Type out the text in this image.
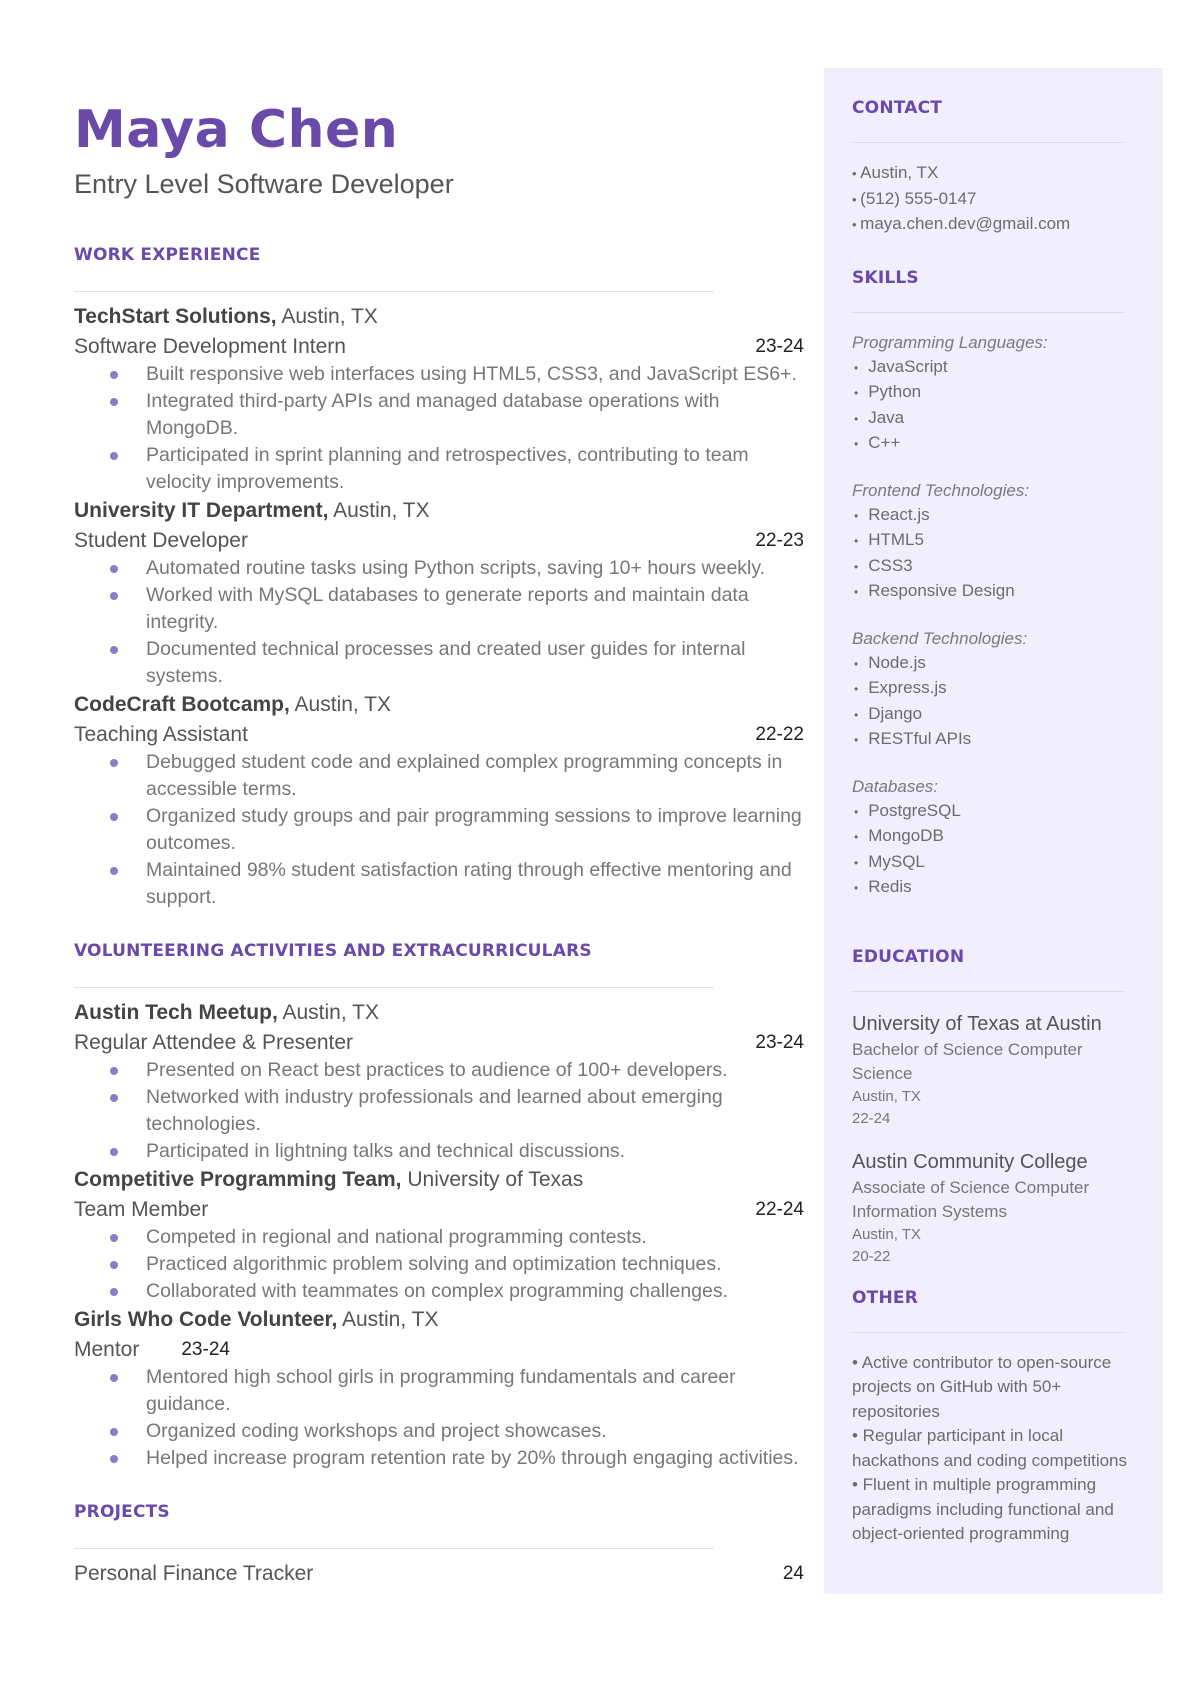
Maya Chen
Entry Level Software Developer
WORK EXPERIENCE
TechStart Solutions, Austin, TX
Software Development Intern	23-24
Built responsive web interfaces using HTML5, CSS3, and JavaScript ES6+.
Integrated third-party APIs and managed database operations with MongoDB.
Participated in sprint planning and retrospectives, contributing to team velocity improvements.
University IT Department, Austin, TX
Student Developer	22-23
Automated routine tasks using Python scripts, saving 10+ hours weekly.
Worked with MySQL databases to generate reports and maintain data integrity.
Documented technical processes and created user guides for internal systems.
CodeCraft Bootcamp, Austin, TX
Teaching Assistant	22-22
Debugged student code and explained complex programming concepts in accessible terms.
Organized study groups and pair programming sessions to improve learning outcomes.
Maintained 98% student satisfaction rating through effective mentoring and support.
VOLUNTEERING ACTIVITIES AND EXTRACURRICULARS
Austin Tech Meetup, Austin, TX
Regular Attendee & Presenter	23-24
Presented on React best practices to audience of 100+ developers.
Networked with industry professionals and learned about emerging technologies.
Participated in lightning talks and technical discussions.
Competitive Programming Team, University of Texas
Team Member	22-24
Competed in regional and national programming contests.
Practiced algorithmic problem solving and optimization techniques.
Collaborated with teammates on complex programming challenges.
Girls Who Code Volunteer, Austin, TX
Mentor 23-24
Mentored high school girls in programming fundamentals and career guidance.
Organized coding workshops and project showcases.
Helped increase program retention rate by 20% through engaging activities.
PROJECTS
Personal Finance Tracker	24
CONTACT
• Austin, TX
• (512) 555-0147
• maya.chen.dev@gmail.com
SKILLS
Programming Languages:
• JavaScript
• Python
• Java
• C++
Frontend Technologies:
• React.js
• HTML5
• CSS3
• Responsive Design
Backend Technologies:
• Node.js
• Express.js
• Django
• RESTful APIs
Databases:
• PostgreSQL
• MongoDB
• MySQL
• Redis
EDUCATION
University of Texas at Austin
Bachelor of Science Computer Science
Austin, TX
22-24
Austin Community College
Associate of Science Computer Information Systems
Austin, TX
20-22
OTHER
• Active contributor to open-source projects on GitHub with 50+ repositories
• Regular participant in local hackathons and coding competitions
• Fluent in multiple programming paradigms including functional and object-oriented programming
